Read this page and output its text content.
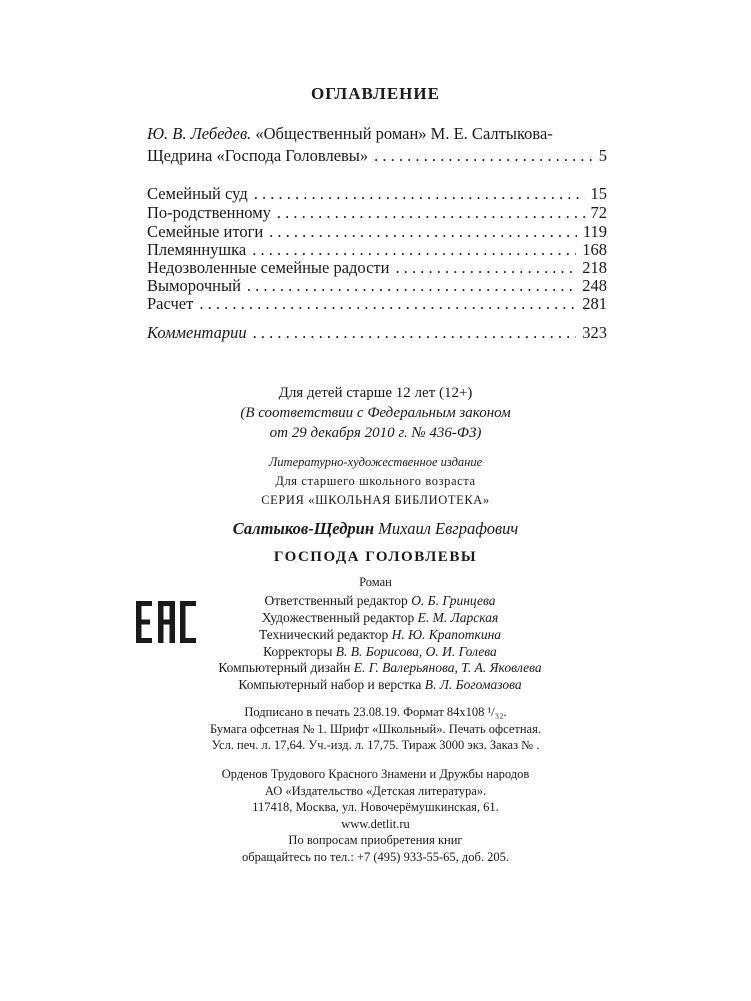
ОГЛАВЛЕНИЕ
Ю. В. Лебедев. «Общественный роман» М. Е. Салтыкова-
Щедрина «Господа Головлевы» . . .	5
Семейный суд . . .	15
По-родственному . . .	72
Семейные итоги . . .	119
Племяннушка . . .	168
Недозволенные семейные радости . . .	218
Выморочный . . .	248
Расчет . . .	281
Комментарии . . .	323
Для детей старше 12 лет (12+)
(В соответствии с Федеральным законом
от 29 декабря 2010 г. № 436-ФЗ)
Литературно-художественное издание
Для старшего школьного возраста
СЕРИЯ «ШКОЛЬНАЯ БИБЛИОТЕКА»
Салтыков-Щедрин Михаил Евграфович
ГОСПОДА ГОЛОВЛЕВЫ
Роман
Ответственный редактор О. Б. Гринцева
Художественный редактор Е. М. Ларская
Технический редактор Н. Ю. Крапоткина
Корректоры В. В. Борисова, О. И. Голева
Компьютерный дизайн Е. Г. Валерьянова, Т. А. Яковлева
Компьютерный набор и верстка В. Л. Богомазова
Подписано в печать 23.08.19. Формат 84x108 ¹/₃₂.
Бумага офсетная № 1. Шрифт «Школьный». Печать офсетная.
Усл. печ. л. 17,64. Уч.-изд. л. 17,75. Тираж 3000 экз. Заказ № .
Орденов Трудового Красного Знамени и Дружбы народов
АО «Издательство «Детская литература».
117418, Москва, ул. Новочерёмушкинская, 61.
www.detlit.ru
По вопросам приобретения книг
обращайтесь по тел.: +7 (495) 933-55-65, доб. 205.
